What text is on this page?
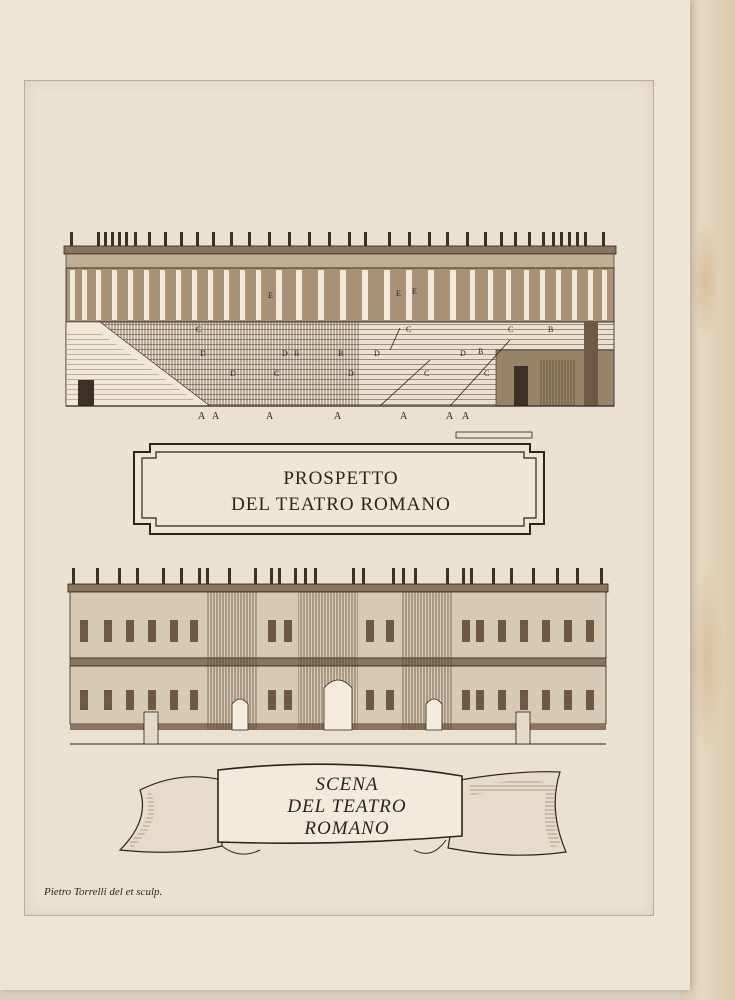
E	E E
B
B
B
B
C	C	C
C	C	C
D	D	D	D
D	D
A A	A	A	A	A A
PROSPETTO
DEL TEATRO ROMANO
SCENA
DEL TEATRO
ROMANO
Pietro Torrelli del et sculp.
